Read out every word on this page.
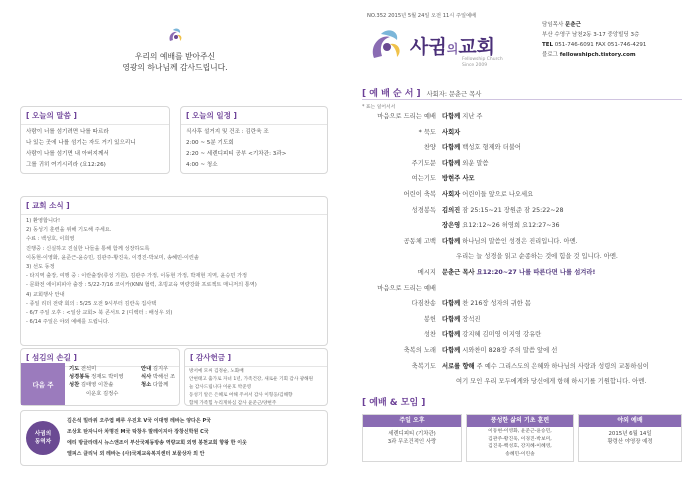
우리의 예배를 받아주신
영광의 하나님께 감사드립니다.
[ 오늘의 말씀 ]
사람이 너를 섬기려면 나를 따르라
나 있는 곳에 나를 섬기는 자도 거기 있으리니
사람이 나를 섬기면 내 아버지께서
그를 귀히 여기시리라 (요12:26)
[ 오늘의 일정 ]
식사후 설거지 및 건조 : 김란욱 조
2:00 ~ 5분 기도회
2:20 ~ 세렌디피티 공부 <기차관: 3과>
4:00 ~ 청소
[ 교회 소식 ]
1) 환영합니다!
2) 동성기 훈련을 위해 기도해 주세요.
수료 : 백성호, 이희영
진행중 : 신실하고 진실한 나들을 통해 함께 성장하도록
이동현-이영화, 윤준근-윤승민, 김관주-황진욱, 이경진-박보미, 송혜민-이린솔
3) 선도 동정
- 타지역 출장, 여행 중 : 이란출장(류성 기원), 김관주 가정, 이동현 가정, 박재현 지역, 윤승민 가정
- 문화전 에이피피아 출장 : 5/22-7/16 코이카(KNN 협력, 초빙교육 역량강화 프로젝트 매니저의 통역)
4) 교회행사 안내
- 종일 리더 전략 회의 : 5/25 오전 9시부터 김란욱 집사택
- 6/7 주일 오후 : <일상 교회> 북 콘서트 2 (디렉터 : 배성우 외)
- 6/14 주일은 야외 예배를 드립니다.
[ 섬김의 손길 ]
다음 주
기도 전석미
성경봉독 정재도 박미영
성찬 김태영 이찬솔
이운호 김정수
안내 김지우
식사 박해선 조
청소 다함께
[ 감사헌금 ]
방서예 모씨 김정순, 노화배
안현태고 출가로 자녀 1년, 가족건강, 새로운 기회 감사 광해원
늘 감사드립니다 이운호 박준영
동성기 알은 은혜로 여해 주셔서 감사 이형웅/김해향
함께 가족힘 누리게하심 감사 윤준근/양현주
사귐의
동역자
김은석 밀라위 오주엽 페루 우진호 V국 이대영 레바논 양다은 P국
조상호 탄자니아 차명진 M국 탁창우 말레이지아 장창신학원 C국
에티 방글라데시 뉴스앤조이 부산국제동방송 역량교회 외영 봉천교회 향왕 한 이웃
엘피스 클리닉 외 레바논 (사)국제교육복지센터 보물상자 외 안
NO.352 2015년 5월 24일 오전 11시 주일예배
사귐의교회
Fellowship Church
Since 2009
담임목사 문춘근
부산 수영구 남천2동 3-17 중앙빌딩 3층
TEL 051-746-6091 FAX 051-746-4291
블로그 fellowshipch.tistory.com
[ 예 배 순 서 ] 사회자: 문춘근 목사
* 표는 일어서서
마음으로 드리는 예배 다함께 지난 주
* 묵도 사회자
찬양 다함께 백성호 형제와 더불어
주기도문 다함께 외운 말씀
여는기도 방현주 사모
어린이 축복 사회자 어린이들 앞으로 나오세요
성경봉독 김의진 잠 25:15~21 장원준 잠 25:22~28
장은영 요12:12~26 허영희 요12:27~36
공동체 고백 다함께 하나님의 말씀인 성경은 진리입니다. 아멘.
우리는 늘 성경을 읽고 순종하는 것에 힘을 것 입니다. 아멘.
메시지 문춘근 목사 요12:20~27 나를 따른다면 나를 섬겨라!
마음으로 드리는 예배
다짐찬송 다함께 찬 216장 성자의 귀한 몸
봉헌 다함께 장석진
성찬 다함께 강지혜 김미영 이지영 강유란
축복의 노래 다함께 시와찬미 828장 주의 말씀 앞에 선
축복기도 서로를 향해 주 예수 그리스도의 은혜와 하나님의 사랑과 성령의 교통하심이
여기 모인 우리 모두에게와 당신에게 항해 하시기를 기원합니다. 아멘.
[ 예배 & 모임 ]
주일 오후
세렌디피티 (기차관)
3과 무조건적인 사랑
풍성한 삶의 기초 훈련
이동현-이영화, 윤준근-윤승민,
김관주-황진욱, 이경진-박보미,
김진욱-백성호, 강지혜-이혜영,
송혜민-이린솔
야외 예배
2015년 6월 14일
황령산 야영장 예정
